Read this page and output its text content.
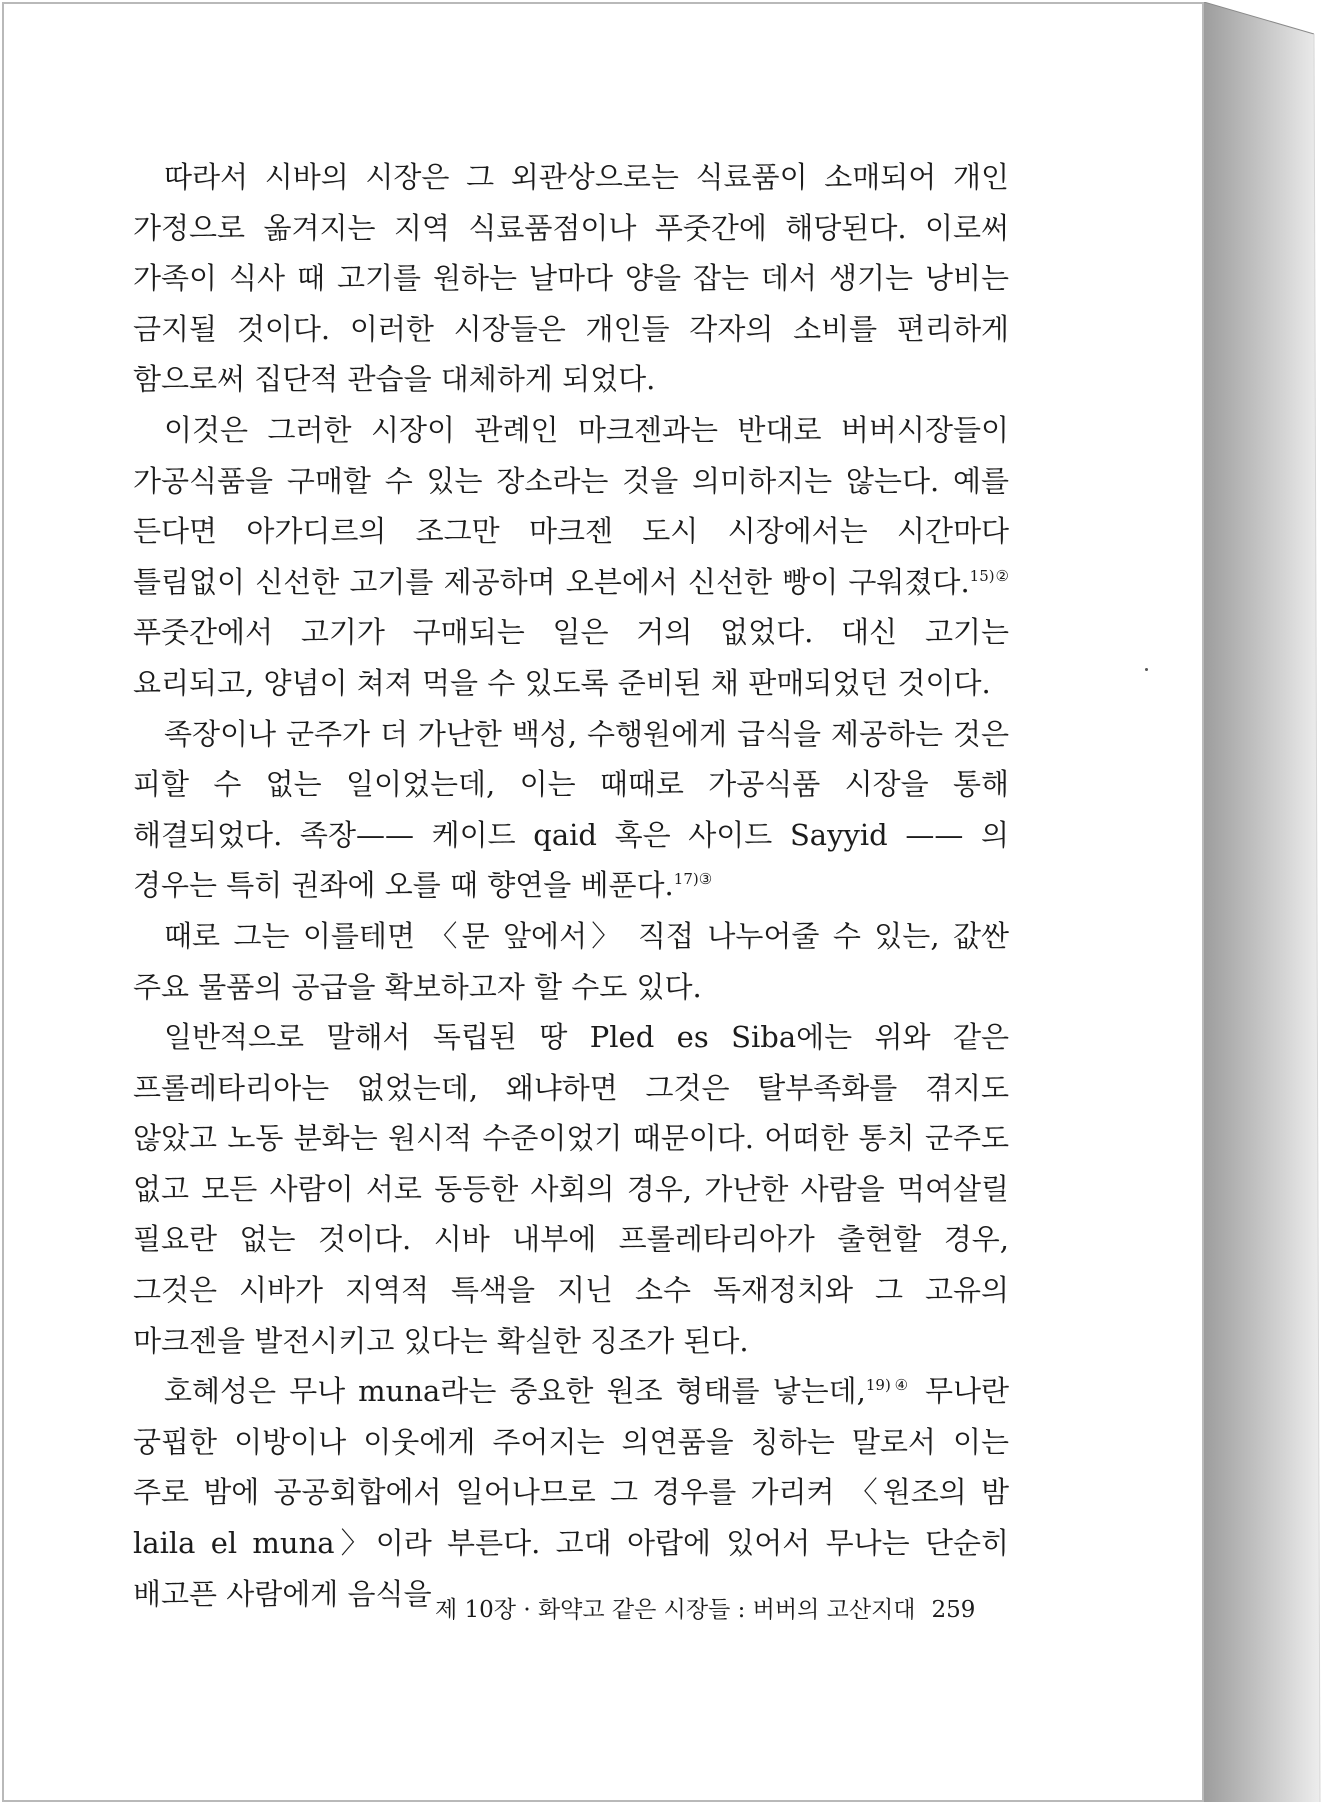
따라서 시바의 시장은 그 외관상으로는 식료품이 소매되어 개인 가정으로 옮겨지는 지역 식료품점이나 푸줏간에 해당된다. 이로써 가족이 식사 때 고기를 원하는 날마다 양을 잡는 데서 생기는 낭비는 금지될 것이다. 이러한 시장들은 개인들 각자의 소비를 편리하게 함으로써 집단적 관습을 대체하게 되었다.

이것은 그러한 시장이 관례인 마크젠과는 반대로 버버시장들이 가공식품을 구매할 수 있는 장소라는 것을 의미하지는 않는다. 예를 든다면 아가디르의 조그만 마크젠 도시 시장에서는 시간마다 틀림없이 신선한 고기를 제공하며 오븐에서 신선한 빵이 구워졌다.$^{15)②}$ 푸줏간에서 고기가 구매되는 일은 거의 없었다. 대신 고기는 요리되고, 양념이 쳐져 먹을 수 있도록 준비된 채 판매되었던 것이다.

족장이나 군주가 더 가난한 백성, 수행원에게 급식을 제공하는 것은 피할 수 없는 일이었는데, 이는 때때로 가공식품 시장을 통해 해결되었다. 족장—— 케이드 qaid 혹은 사이드 Sayyid —— 의 경우는 특히 권좌에 오를 때 향연을 베푼다.$^{17)③}$

때로 그는 이를테면 〈문 앞에서〉 직접 나누어줄 수 있는, 값싼 주요 물품의 공급을 확보하고자 할 수도 있다.

일반적으로 말해서 독립된 땅 Pled es Siba에는 위와 같은 프롤레타리아는 없었는데, 왜냐하면 그것은 탈부족화를 겪지도 않았고 노동 분화는 원시적 수준이었기 때문이다. 어떠한 통치 군주도 없고 모든 사람이 서로 동등한 사회의 경우, 가난한 사람을 먹여살릴 필요란 없는 것이다. 시바 내부에 프롤레타리아가 출현할 경우, 그것은 시바가 지역적 특색을 지닌 소수 독재정치와 그 고유의 마크젠을 발전시키고 있다는 확실한 징조가 된다.

호혜성은 무나 muna라는 중요한 원조 형태를 낳는데,$^{19)④}$ 무나란 궁핍한 이방이나 이웃에게 주어지는 의연품을 칭하는 말로서 이는 주로 밤에 공공회합에서 일어나므로 그 경우를 가리켜 〈원조의 밤 laila el muna〉이라 부른다. 고대 아랍에 있어서 무나는 단순히 배고픈 사람에게 음식을 제 10장 · 화약고 같은 시장들 : 버버의 고산지대 259
